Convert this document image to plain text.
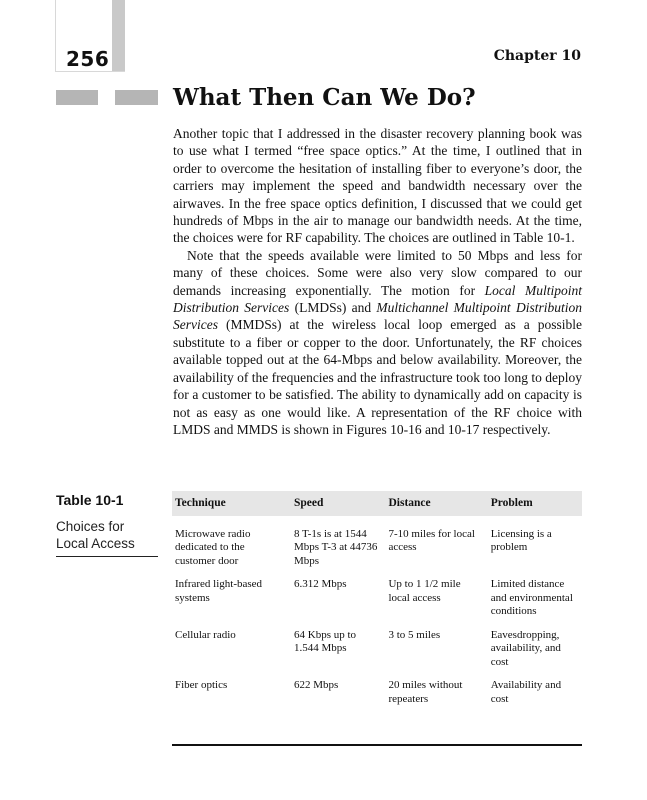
256	Chapter 10
What Then Can We Do?

Another topic that I addressed in the disaster recovery planning book was to use what I termed “free space optics.” At the time, I outlined that in order to overcome the hesitation of installing fiber to everyone’s door, the carriers may implement the speed and bandwidth necessary over the airwaves. In the free space optics definition, I discussed that we could get hundreds of Mbps in the air to manage our bandwidth needs. At the time, the choices were for RF capability. The choices are outlined in Table 10-1.

Note that the speeds available were limited to 50 Mbps and less for many of these choices. Some were also very slow compared to our demands increasing exponentially. The motion for Local Multipoint Distribution Services (LMDSs) and Multichannel Multipoint Distribution Services (MMDSs) at the wireless local loop emerged as a possible substitute to a fiber or copper to the door. Unfortunately, the RF choices available topped out at the 64-Mbps and below availability. Moreover, the availability of the frequencies and the infrastructure took too long to deploy for a customer to be satisfied. The ability to dynamically add on capacity is not as easy as one would like. A representation of the RF choice with LMDS and MMDS is shown in Figures 10-16 and 10-17 respectively.

Table 10-1
Choices for Local Access
Technique	Speed	Distance	Problem

Microwave radio dedicated to the customer door	8 T-1s is at 1544 Mbps T-3 at 44736 Mbps	7-10 miles for local access	Licensing is a problem

Infrared light-based systems	6.312 Mbps	Up to 1 1/2 mile local access	Limited distance and environmental conditions

Cellular radio	64 Kbps up to 1.544 Mbps	3 to 5 miles	Eavesdropping, availability, and cost

Fiber optics	622 Mbps	20 miles without repeaters	Availability and cost
